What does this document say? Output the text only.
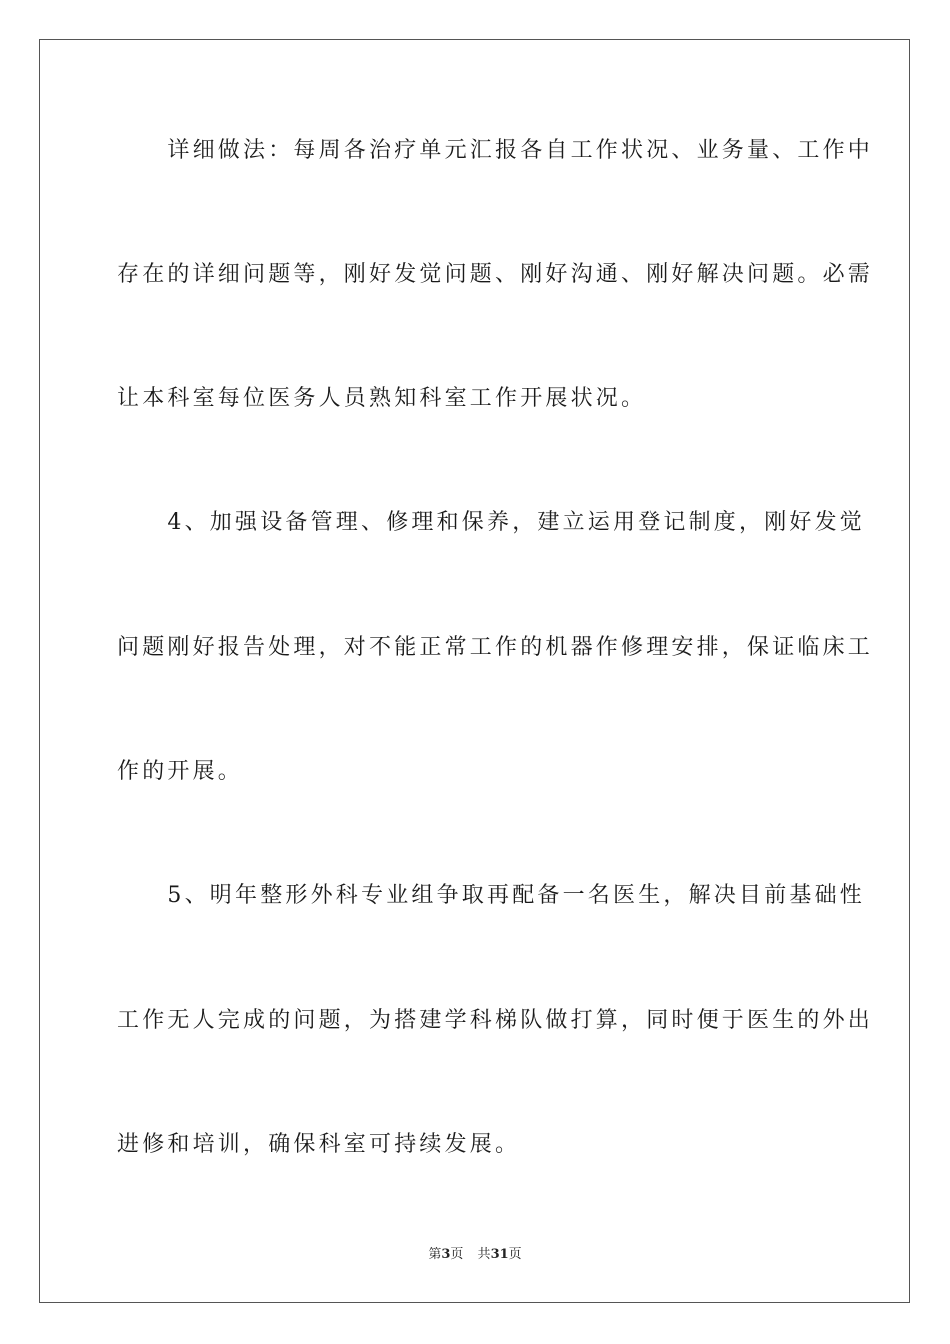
　　详细做法：每周各治疗单元汇报各自工作状况、业务量、工作中
存在的详细问题等，刚好发觉问题、刚好沟通、刚好解决问题。必需
让本科室每位医务人员熟知科室工作开展状况。
　　4、加强设备管理、修理和保养，建立运用登记制度，刚好发觉
问题刚好报告处理，对不能正常工作的机器作修理安排，保证临床工
作的开展。
　　5、明年整形外科专业组争取再配备一名医生，解决目前基础性
工作无人完成的问题，为搭建学科梯队做打算，同时便于医生的外出
进修和培训，确保科室可持续发展。
第3页 共31页
